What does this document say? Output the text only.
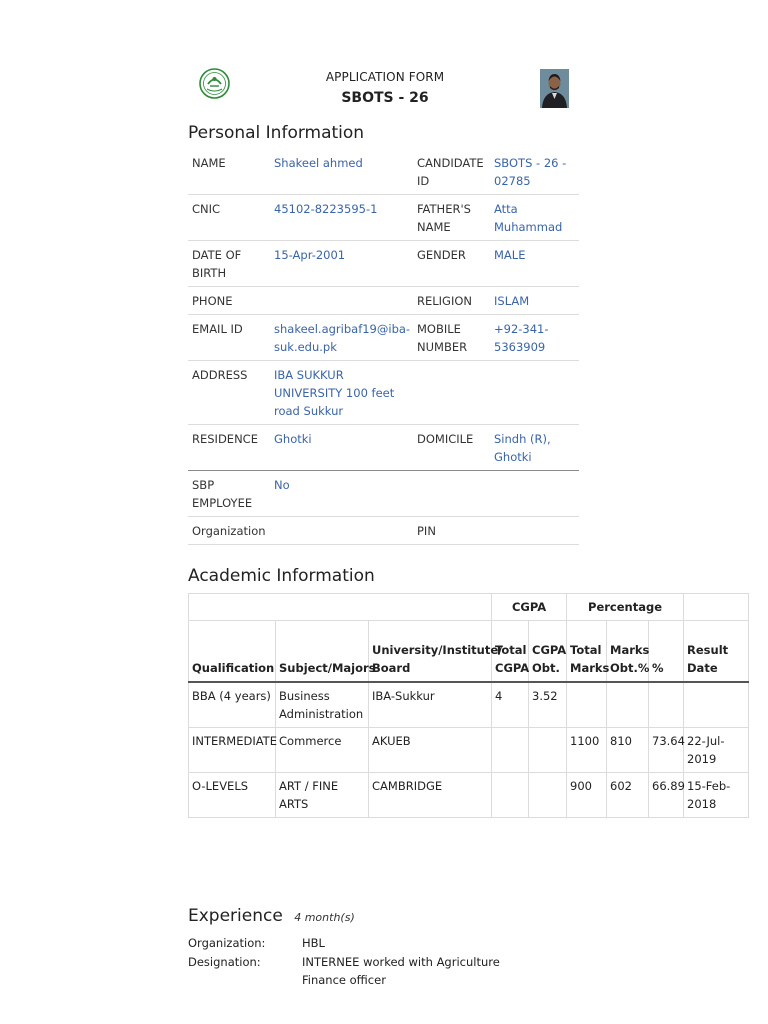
APPLICATION FORM
SBOTS - 26
Personal Information
NAME	Shakeel ahmed	CANDIDATE ID	SBOTS - 26 - 02785
CNIC	45102-8223595-1	FATHER'S NAME	Atta Muhammad
DATE OF BIRTH	15-Apr-2001	GENDER	MALE
PHONE		RELIGION	ISLAM
EMAIL ID	shakeel.agribaf19@iba-suk.edu.pk	MOBILE NUMBER	+92-341-5363909
ADDRESS	IBA SUKKUR UNIVERSITY 100 feet road Sukkur		
RESIDENCE	Ghotki	DOMICILE	Sindh (R), Ghotki
SBP EMPLOYEE	No		
Organization		PIN	
Academic Information
			CGPA		Percentage			
Qualification	Subject/Majors	University/Institute/ Board	Total CGPA	CGPA Obt.	Total Marks	Marks Obt.%	%	Result Date
BBA (4 years)	Business Administration	IBA-Sukkur	4	3.52				
INTERMEDIATE	Commerce	AKUEB			1100	810	73.64	22-Jul-2019
O-LEVELS	ART / FINE ARTS	CAMBRIDGE			900	602	66.89	15-Feb-2018
Experience 4 month(s)
Organization:	HBL
Designation:	INTERNEE worked with Agriculture Finance officer
